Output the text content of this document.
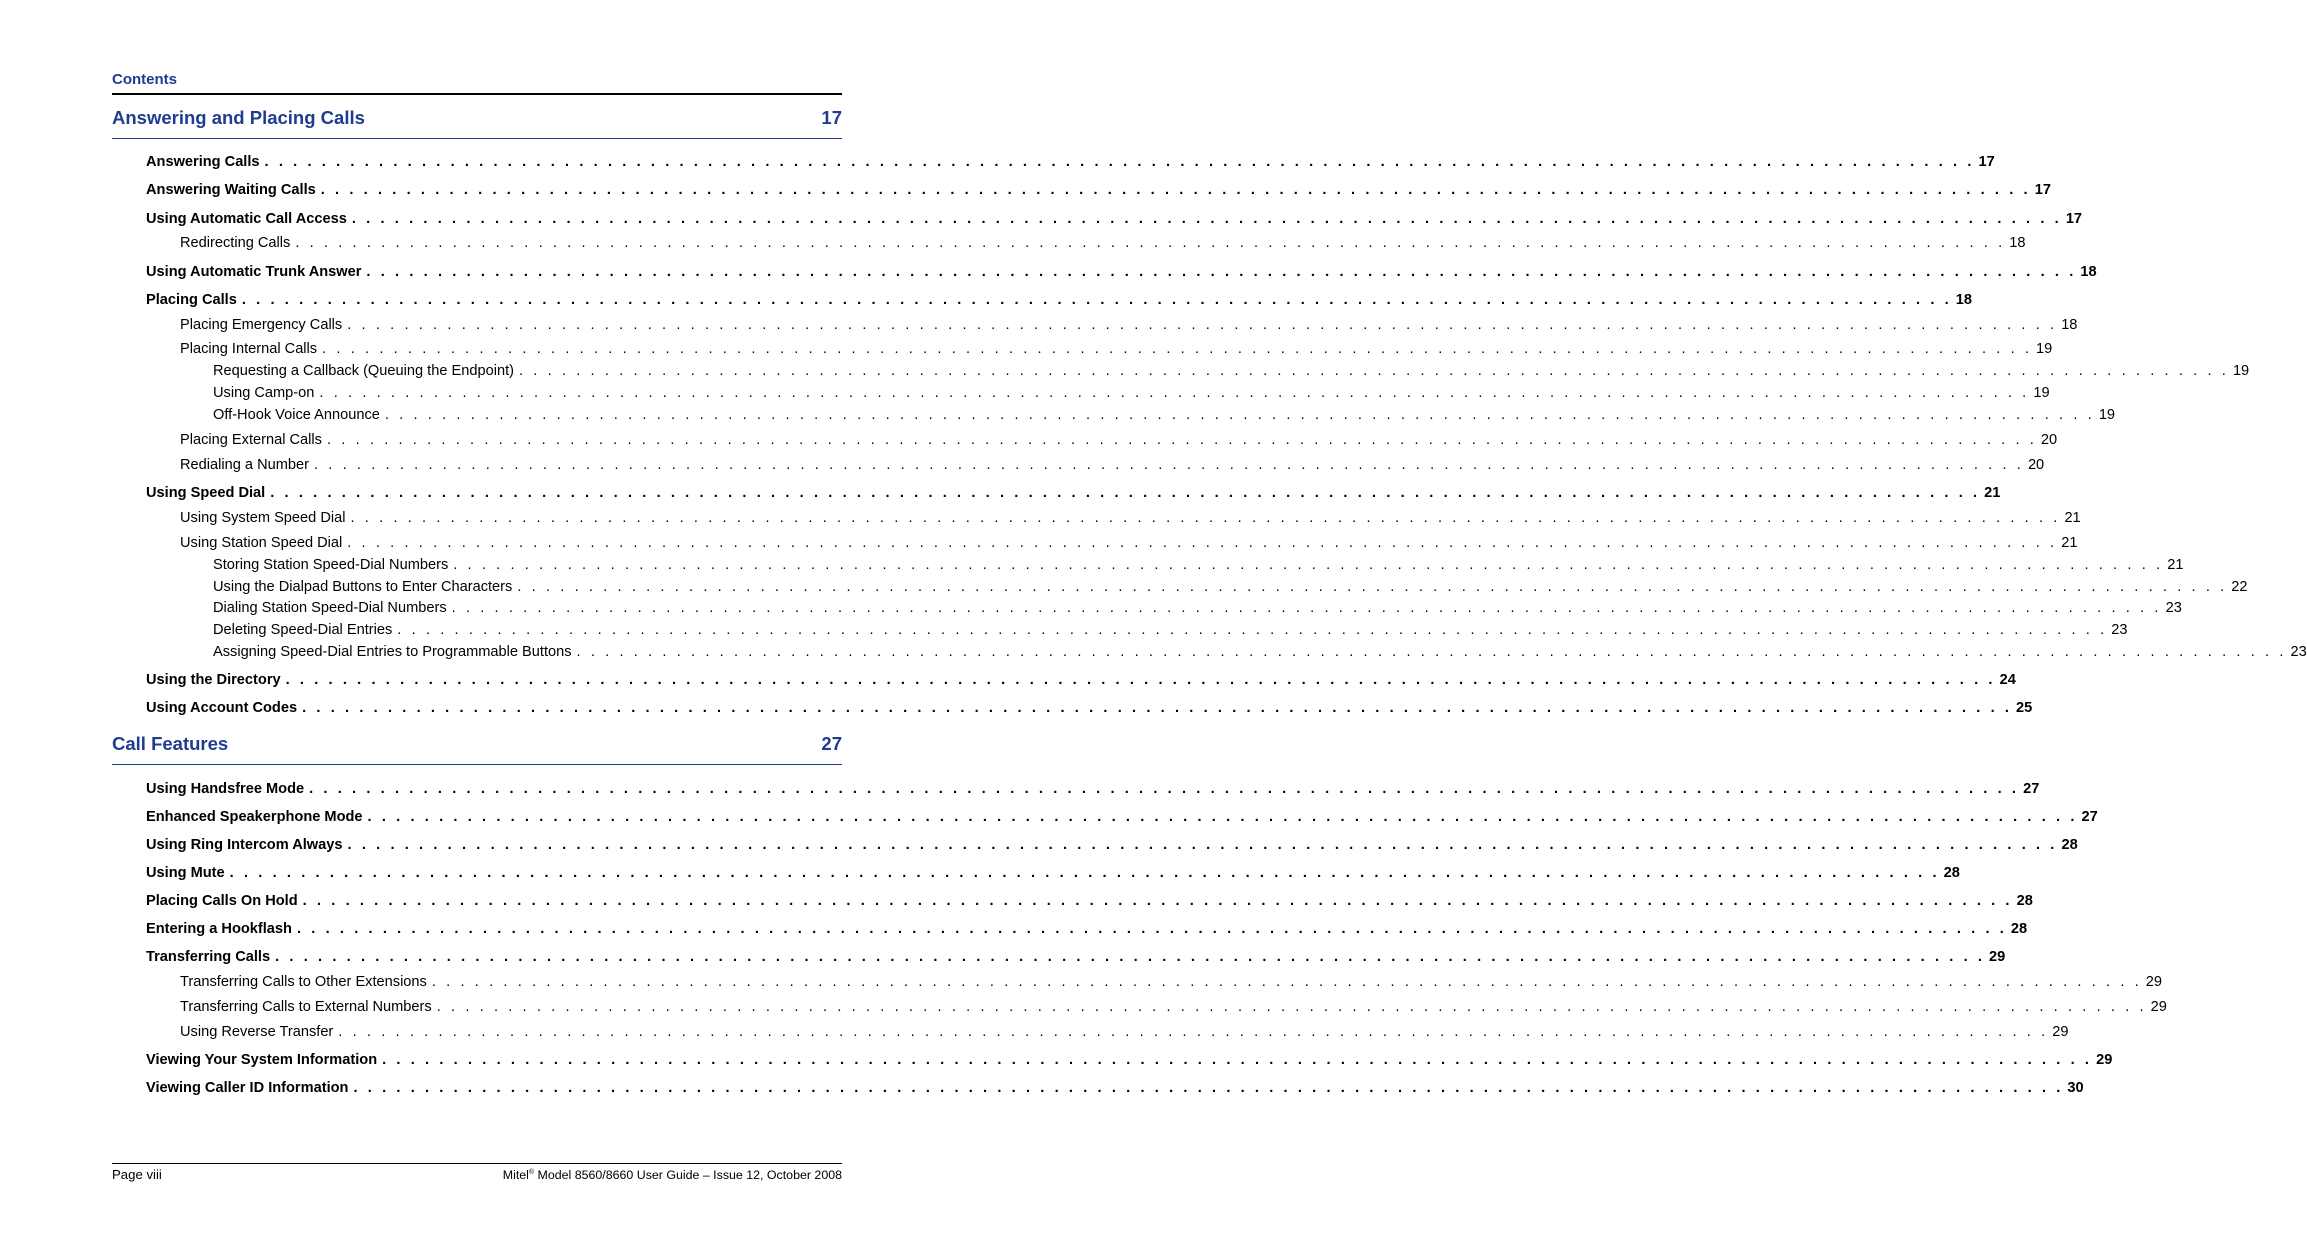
Contents
Answering and Placing Calls	17
Answering Calls . . . . . . . . . . . . . . . . . . . . . . . . . . . . . . . . . . . . . . . . . . . . . . . . . . . . . . . . . . . . . . . . . . . . . . . . . . . . . . . . . . . . . . . . . . . . . . . . . . . . . . . . . . . . . . . . . . . . . . . . 17
Answering Waiting Calls . . . . . . . . . . . . . . . . . . . . . . . . . . . . . . . . . . . . . . . . . . . . . . . . . . . . . . . . . . . . . . . . . . . . . . . . . . . . . . . . . . . . . . . . . . . . . . . . . . . . . . . . . . . . . . . . . . . . . . . . 17
Using Automatic Call Access . . . . . . . . . . . . . . . . . . . . . . . . . . . . . . . . . . . . . . . . . . . . . . . . . . . . . . . . . . . . . . . . . . . . . . . . . . . . . . . . . . . . . . . . . . . . . . . . . . . . . . . . . . . . . . . . . . . . . . . . 17
Redirecting Calls . . . . . . . . . . . . . . . . . . . . . . . . . . . . . . . . . . . . . . . . . . . . . . . . . . . . . . . . . . . . . . . . . . . . . . . . . . . . . . . . . . . . . . . . . . . . . . . . . . . . . . . . . . . . . . . . . . . . . . . . 18
Using Automatic Trunk Answer . . . . . . . . . . . . . . . . . . . . . . . . . . . . . . . . . . . . . . . . . . . . . . . . . . . . . . . . . . . . . . . . . . . . . . . . . . . . . . . . . . . . . . . . . . . . . . . . . . . . . . . . . . . . . . . . . . . . . . . . 18
Placing Calls . . . . . . . . . . . . . . . . . . . . . . . . . . . . . . . . . . . . . . . . . . . . . . . . . . . . . . . . . . . . . . . . . . . . . . . . . . . . . . . . . . . . . . . . . . . . . . . . . . . . . . . . . . . . . . . . . . . . . . . . 18
Placing Emergency Calls . . . . . . . . . . . . . . . . . . . . . . . . . . . . . . . . . . . . . . . . . . . . . . . . . . . . . . . . . . . . . . . . . . . . . . . . . . . . . . . . . . . . . . . . . . . . . . . . . . . . . . . . . . . . . . . . . . . . . . . . 18
Placing Internal Calls . . . . . . . . . . . . . . . . . . . . . . . . . . . . . . . . . . . . . . . . . . . . . . . . . . . . . . . . . . . . . . . . . . . . . . . . . . . . . . . . . . . . . . . . . . . . . . . . . . . . . . . . . . . . . . . . . . . . . . . . 19
Requesting a Callback (Queuing the Endpoint) . . . . . . . . . . . . . . . . . . . . . . . . . . . . . . . . . . . . . . . . . . . . . . . . . . . . . . . . . . . . . . . . . . . . . . . . . . . . . . . . . . . . . . . . . . . . . . . . . . . . . . . . . . . . . . . . . . . . . . . . 19
Using Camp-on . . . . . . . . . . . . . . . . . . . . . . . . . . . . . . . . . . . . . . . . . . . . . . . . . . . . . . . . . . . . . . . . . . . . . . . . . . . . . . . . . . . . . . . . . . . . . . . . . . . . . . . . . . . . . . . . . . . . . . . . 19
Off-Hook Voice Announce . . . . . . . . . . . . . . . . . . . . . . . . . . . . . . . . . . . . . . . . . . . . . . . . . . . . . . . . . . . . . . . . . . . . . . . . . . . . . . . . . . . . . . . . . . . . . . . . . . . . . . . . . . . . . . . . . . . . . . . . 19
Placing External Calls . . . . . . . . . . . . . . . . . . . . . . . . . . . . . . . . . . . . . . . . . . . . . . . . . . . . . . . . . . . . . . . . . . . . . . . . . . . . . . . . . . . . . . . . . . . . . . . . . . . . . . . . . . . . . . . . . . . . . . . . 20
Redialing a Number . . . . . . . . . . . . . . . . . . . . . . . . . . . . . . . . . . . . . . . . . . . . . . . . . . . . . . . . . . . . . . . . . . . . . . . . . . . . . . . . . . . . . . . . . . . . . . . . . . . . . . . . . . . . . . . . . . . . . . . . 20
Using Speed Dial . . . . . . . . . . . . . . . . . . . . . . . . . . . . . . . . . . . . . . . . . . . . . . . . . . . . . . . . . . . . . . . . . . . . . . . . . . . . . . . . . . . . . . . . . . . . . . . . . . . . . . . . . . . . . . . . . . . . . . . . 21
Using System Speed Dial . . . . . . . . . . . . . . . . . . . . . . . . . . . . . . . . . . . . . . . . . . . . . . . . . . . . . . . . . . . . . . . . . . . . . . . . . . . . . . . . . . . . . . . . . . . . . . . . . . . . . . . . . . . . . . . . . . . . . . . . 21
Using Station Speed Dial . . . . . . . . . . . . . . . . . . . . . . . . . . . . . . . . . . . . . . . . . . . . . . . . . . . . . . . . . . . . . . . . . . . . . . . . . . . . . . . . . . . . . . . . . . . . . . . . . . . . . . . . . . . . . . . . . . . . . . . . 21
Storing Station Speed-Dial Numbers . . . . . . . . . . . . . . . . . . . . . . . . . . . . . . . . . . . . . . . . . . . . . . . . . . . . . . . . . . . . . . . . . . . . . . . . . . . . . . . . . . . . . . . . . . . . . . . . . . . . . . . . . . . . . . . . . . . . . . . . 21
Using the Dialpad Buttons to Enter Characters . . . . . . . . . . . . . . . . . . . . . . . . . . . . . . . . . . . . . . . . . . . . . . . . . . . . . . . . . . . . . . . . . . . . . . . . . . . . . . . . . . . . . . . . . . . . . . . . . . . . . . . . . . . . . . . . . . . . . . . . 22
Dialing Station Speed-Dial Numbers . . . . . . . . . . . . . . . . . . . . . . . . . . . . . . . . . . . . . . . . . . . . . . . . . . . . . . . . . . . . . . . . . . . . . . . . . . . . . . . . . . . . . . . . . . . . . . . . . . . . . . . . . . . . . . . . . . . . . . . . 23
Deleting Speed-Dial Entries . . . . . . . . . . . . . . . . . . . . . . . . . . . . . . . . . . . . . . . . . . . . . . . . . . . . . . . . . . . . . . . . . . . . . . . . . . . . . . . . . . . . . . . . . . . . . . . . . . . . . . . . . . . . . . . . . . . . . . . . 23
Assigning Speed-Dial Entries to Programmable Buttons . . . . . . . . . . . . . . . . . . . . . . . . . . . . . . . . . . . . . . . . . . . . . . . . . . . . . . . . . . . . . . . . . . . . . . . . . . . . . . . . . . . . . . . . . . . . . . . . . . . . . . . . . . . . . . . . . . . . . . . . 23
Using the Directory . . . . . . . . . . . . . . . . . . . . . . . . . . . . . . . . . . . . . . . . . . . . . . . . . . . . . . . . . . . . . . . . . . . . . . . . . . . . . . . . . . . . . . . . . . . . . . . . . . . . . . . . . . . . . . . . . . . . . . . . 24
Using Account Codes . . . . . . . . . . . . . . . . . . . . . . . . . . . . . . . . . . . . . . . . . . . . . . . . . . . . . . . . . . . . . . . . . . . . . . . . . . . . . . . . . . . . . . . . . . . . . . . . . . . . . . . . . . . . . . . . . . . . . . . . 25
Call Features	27
Using Handsfree Mode . . . . . . . . . . . . . . . . . . . . . . . . . . . . . . . . . . . . . . . . . . . . . . . . . . . . . . . . . . . . . . . . . . . . . . . . . . . . . . . . . . . . . . . . . . . . . . . . . . . . . . . . . . . . . . . . . . . . . . . . 27
Enhanced Speakerphone Mode . . . . . . . . . . . . . . . . . . . . . . . . . . . . . . . . . . . . . . . . . . . . . . . . . . . . . . . . . . . . . . . . . . . . . . . . . . . . . . . . . . . . . . . . . . . . . . . . . . . . . . . . . . . . . . . . . . . . . . . . 27
Using Ring Intercom Always . . . . . . . . . . . . . . . . . . . . . . . . . . . . . . . . . . . . . . . . . . . . . . . . . . . . . . . . . . . . . . . . . . . . . . . . . . . . . . . . . . . . . . . . . . . . . . . . . . . . . . . . . . . . . . . . . . . . . . . . 28
Using Mute . . . . . . . . . . . . . . . . . . . . . . . . . . . . . . . . . . . . . . . . . . . . . . . . . . . . . . . . . . . . . . . . . . . . . . . . . . . . . . . . . . . . . . . . . . . . . . . . . . . . . . . . . . . . . . . . . . . . . . . . 28
Placing Calls On Hold . . . . . . . . . . . . . . . . . . . . . . . . . . . . . . . . . . . . . . . . . . . . . . . . . . . . . . . . . . . . . . . . . . . . . . . . . . . . . . . . . . . . . . . . . . . . . . . . . . . . . . . . . . . . . . . . . . . . . . . . 28
Entering a Hookflash . . . . . . . . . . . . . . . . . . . . . . . . . . . . . . . . . . . . . . . . . . . . . . . . . . . . . . . . . . . . . . . . . . . . . . . . . . . . . . . . . . . . . . . . . . . . . . . . . . . . . . . . . . . . . . . . . . . . . . . . 28
Transferring Calls . . . . . . . . . . . . . . . . . . . . . . . . . . . . . . . . . . . . . . . . . . . . . . . . . . . . . . . . . . . . . . . . . . . . . . . . . . . . . . . . . . . . . . . . . . . . . . . . . . . . . . . . . . . . . . . . . . . . . . . . 29
Transferring Calls to Other Extensions . . . . . . . . . . . . . . . . . . . . . . . . . . . . . . . . . . . . . . . . . . . . . . . . . . . . . . . . . . . . . . . . . . . . . . . . . . . . . . . . . . . . . . . . . . . . . . . . . . . . . . . . . . . . . . . . . . . . . . . . 29
Transferring Calls to External Numbers . . . . . . . . . . . . . . . . . . . . . . . . . . . . . . . . . . . . . . . . . . . . . . . . . . . . . . . . . . . . . . . . . . . . . . . . . . . . . . . . . . . . . . . . . . . . . . . . . . . . . . . . . . . . . . . . . . . . . . . . 29
Using Reverse Transfer . . . . . . . . . . . . . . . . . . . . . . . . . . . . . . . . . . . . . . . . . . . . . . . . . . . . . . . . . . . . . . . . . . . . . . . . . . . . . . . . . . . . . . . . . . . . . . . . . . . . . . . . . . . . . . . . . . . . . . . . 29
Viewing Your System Information . . . . . . . . . . . . . . . . . . . . . . . . . . . . . . . . . . . . . . . . . . . . . . . . . . . . . . . . . . . . . . . . . . . . . . . . . . . . . . . . . . . . . . . . . . . . . . . . . . . . . . . . . . . . . . . . . . . . . . . . 29
Viewing Caller ID Information . . . . . . . . . . . . . . . . . . . . . . . . . . . . . . . . . . . . . . . . . . . . . . . . . . . . . . . . . . . . . . . . . . . . . . . . . . . . . . . . . . . . . . . . . . . . . . . . . . . . . . . . . . . . . . . . . . . . . . . . 30
Page viii	Mitel® Model 8560/8660 User Guide – Issue 12, October 2008
